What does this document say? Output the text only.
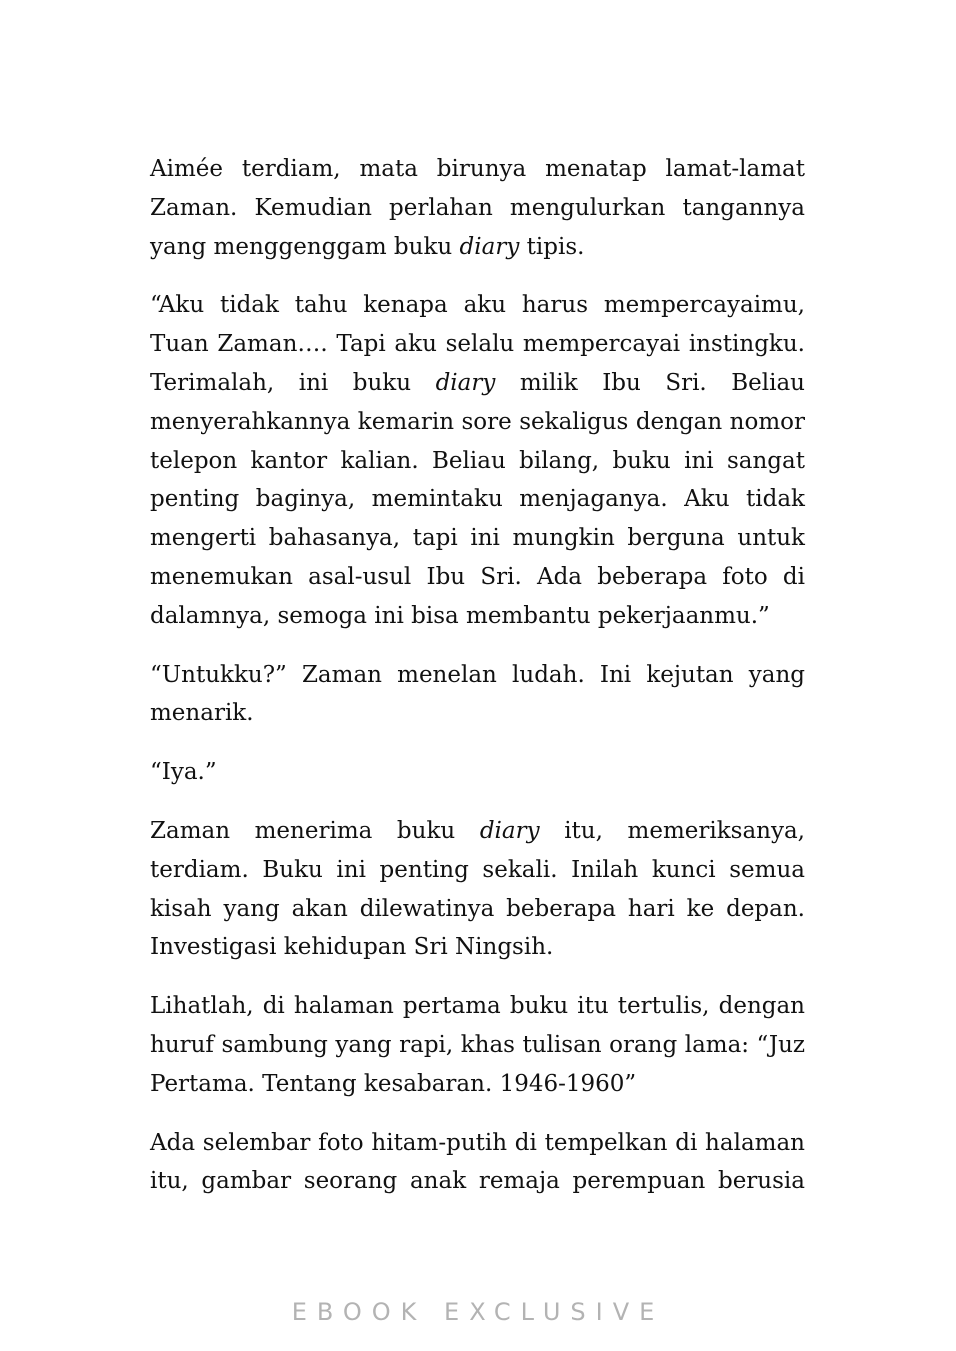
Aimée terdiam, mata birunya menatap lamat-lamat Zaman. Kemudian perlahan mengulurkan tangannya yang menggenggam buku diary tipis.

“Aku tidak tahu kenapa aku harus mempercayaimu, Tuan Zaman…. Tapi aku selalu mempercayai instingku. Terimalah, ini buku diary milik Ibu Sri. Beliau menyerahkannya kemarin sore sekaligus dengan nomor telepon kantor kalian. Beliau bilang, buku ini sangat penting baginya, memintaku menjaganya. Aku tidak mengerti bahasanya, tapi ini mungkin berguna untuk menemukan asal-usul Ibu Sri. Ada beberapa foto di dalamnya, semoga ini bisa membantu pekerjaanmu.”

“Untukku?” Zaman menelan ludah. Ini kejutan yang menarik.

“Iya.”

Zaman menerima buku diary itu, memeriksanya, terdiam. Buku ini penting sekali. Inilah kunci semua kisah yang akan dilewatinya beberapa hari ke depan. Investigasi kehidupan Sri Ningsih.

Lihatlah, di halaman pertama buku itu tertulis, dengan huruf sambung yang rapi, khas tulisan orang lama: “Juz Pertama. Tentang kesabaran. 1946-1960”

Ada selembar foto hitam-putih di tempelkan di halaman itu, gambar seorang anak remaja perempuan berusia

EBOOK EXCLUSIVE
